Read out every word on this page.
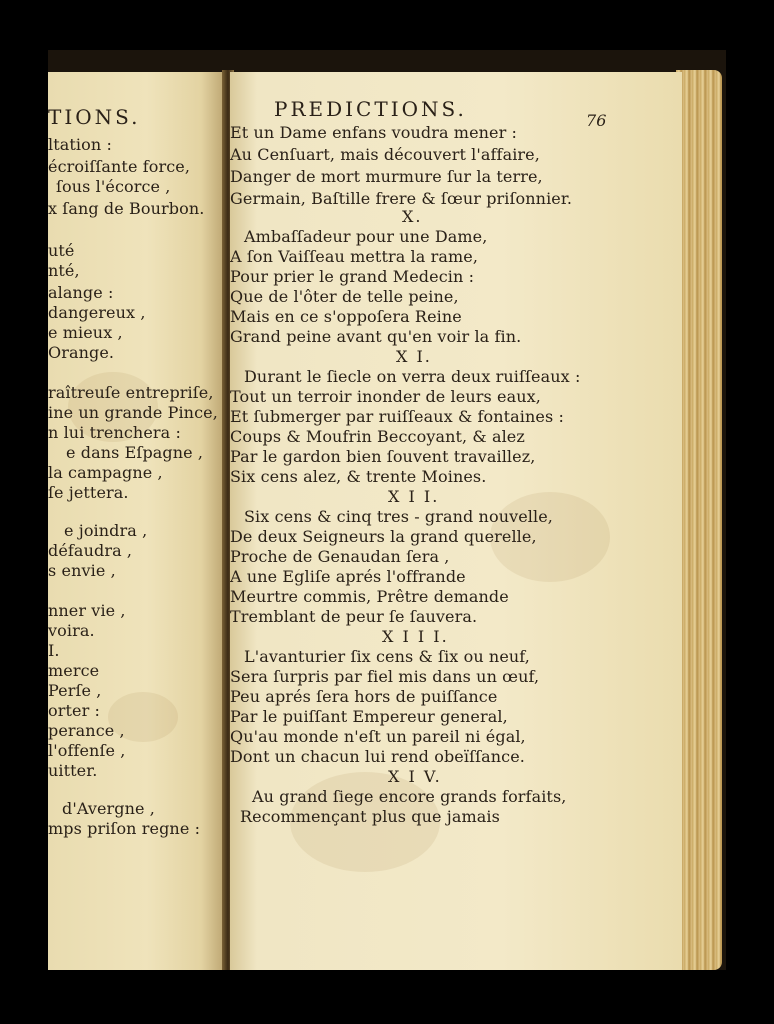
TIONS.
ltation :
écroiſſante force,
ſous l'écorce ,
x ſang de Bourbon.
uté
nté,
alange :
dangereux ,
e mieux ,
Orange.
raîtreuſe entrepriſe,
ine un grande Pince,
n lui trenchera :
e dans Eſpagne ,
la campagne ,
ſe jettera.
e joindra ,
défaudra ,
s envie ,
nner vie ,
voira.
I.
merce
Perſe ,
orter :
perance ,
l'offenſe ,
uitter.
d'Avergne ,
mps priſon regne :
PREDICTIONS.	76
Et un Dame enfans voudra mener :
Au Cenſuart, mais découvert l'affaire,
Danger de mort murmure ſur la terre,
Germain, Baſtille frere & ſœur priſonnier.
X.
Ambaſſadeur pour une Dame,
A ſon Vaiſſeau mettra la rame,
Pour prier le grand Medecin :
Que de l'ôter de telle peine,
Mais en ce s'oppoſera Reine
Grand peine avant qu'en voir la fin.
X I.
Durant le ſiecle on verra deux ruiſſeaux :
Tout un terroir inonder de leurs eaux,
Et ſubmerger par ruiſſeaux & fontaines :
Coups & Moufrin Beccoyant, & alez
Par le gardon bien ſouvent travaillez,
Six cens alez, & trente Moines.
X I I.
Six cens & cinq tres - grand nouvelle,
De deux Seigneurs la grand querelle,
Proche de Genaudan ſera ,
A une Egliſe aprés l'offrande
Meurtre commis, Prêtre demande
Tremblant de peur ſe ſauvera.
X I I I.
L'avanturier ſix cens & ſix ou neuf,
Sera ſurpris par fiel mis dans un œuf,
Peu aprés ſera hors de puiſſance
Par le puiſſant Empereur general,
Qu'au monde n'eſt un pareil ni égal,
Dont un chacun lui rend obeïſſance.
X I V.
Au grand ſiege encore grands forfaits,
Recommençant plus que jamais
